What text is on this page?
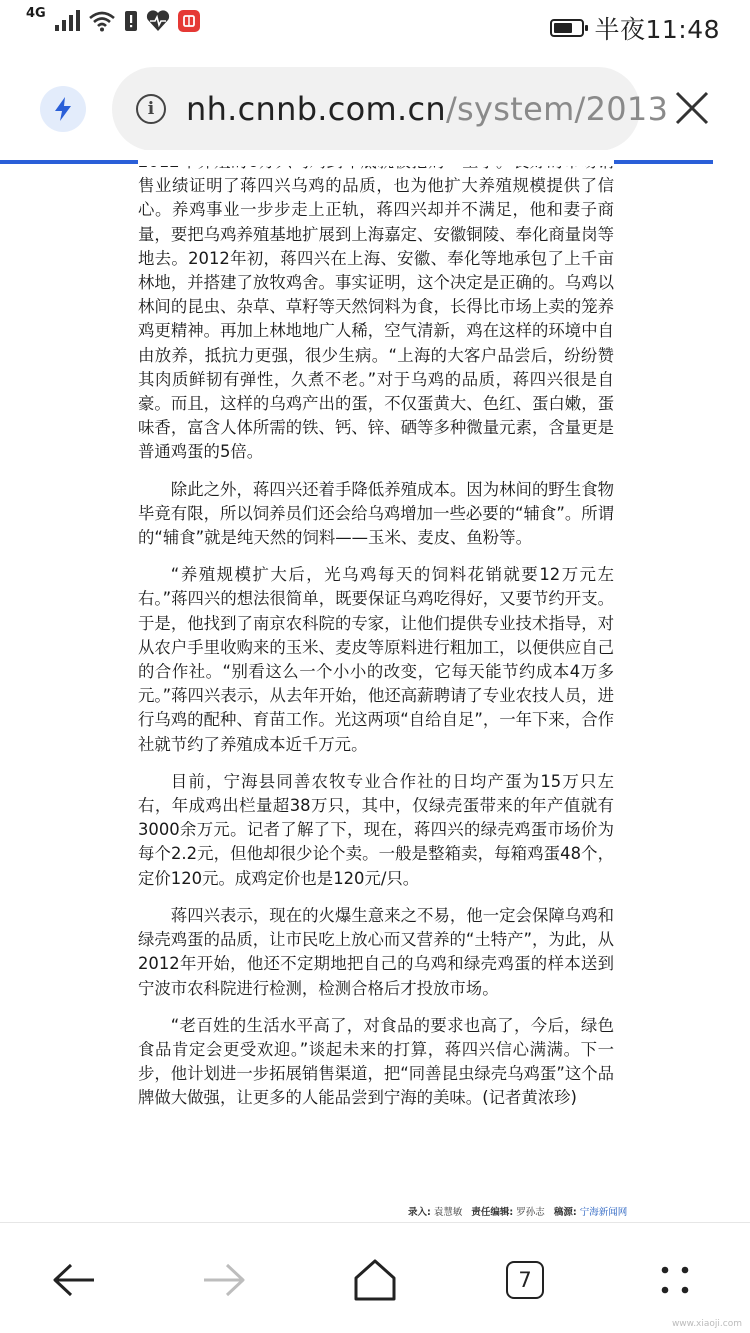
4G
半夜11:48
i nh.cnnb.com.cn/system/2013

售业绩证明了蒋四兴乌鸡的品质，也为他扩大养殖规模提供了信心。养鸡事业一步步走上正轨，蒋四兴却并不满足，他和妻子商量，要把乌鸡养殖基地扩展到上海嘉定、安徽铜陵、奉化商量岗等地去。2012年初，蒋四兴在上海、安徽、奉化等地承包了上千亩林地，并搭建了放牧鸡舍。事实证明，这个决定是正确的。乌鸡以林间的昆虫、杂草、草籽等天然饲料为食，长得比市场上卖的笼养鸡更精神。再加上林地地广人稀，空气清新，鸡在这样的环境中自由放养，抵抗力更强，很少生病。“上海的大客户品尝后，纷纷赞其肉质鲜韧有弹性，久煮不老。”对于乌鸡的品质，蒋四兴很是自豪。而且，这样的乌鸡产出的蛋，不仅蛋黄大、色红、蛋白嫩，蛋味香，富含人体所需的铁、钙、锌、硒等多种微量元素，含量更是普通鸡蛋的5倍。

除此之外，蒋四兴还着手降低养殖成本。因为林间的野生食物毕竟有限，所以饲养员们还会给乌鸡增加一些必要的“辅食”。所谓的“辅食”就是纯天然的饲料——玉米、麦皮、鱼粉等。

“养殖规模扩大后，光乌鸡每天的饲料花销就要12万元左右。”蒋四兴的想法很简单，既要保证乌鸡吃得好，又要节约开支。于是，他找到了南京农科院的专家，让他们提供专业技术指导，对从农户手里收购来的玉米、麦皮等原料进行粗加工，以便供应自己的合作社。“别看这么一个小小的改变，它每天能节约成本4万多元。”蒋四兴表示，从去年开始，他还高薪聘请了专业农技人员，进行乌鸡的配种、育苗工作。光这两项“自给自足”，一年下来，合作社就节约了养殖成本近千万元。

目前，宁海县同善农牧专业合作社的日均产蛋为15万只左右，年成鸡出栏量超38万只，其中，仅绿壳蛋带来的年产值就有3000余万元。记者了解了下，现在，蒋四兴的绿壳鸡蛋市场价为每个2.2元，但他却很少论个卖。一般是整箱卖，每箱鸡蛋48个，定价120元。成鸡定价也是120元/只。

蒋四兴表示，现在的火爆生意来之不易，他一定会保障乌鸡和绿壳鸡蛋的品质，让市民吃上放心而又营养的“土特产”，为此，从2012年开始，他还不定期地把自己的乌鸡和绿壳鸡蛋的样本送到宁波市农科院进行检测，检测合格后才投放市场。

“老百姓的生活水平高了，对食品的要求也高了，今后，绿色食品肯定会更受欢迎。”谈起未来的打算，蒋四兴信心满满。下一步，他计划进一步拓展销售渠道，把“同善昆虫绿壳乌鸡蛋”这个品牌做大做强，让更多的人能品尝到宁海的美味。(记者黄浓珍)

录入: 袁慧敏 责任编辑: 罗孙志 稿源: 宁海新闻网
7
www.xiaoji.com
